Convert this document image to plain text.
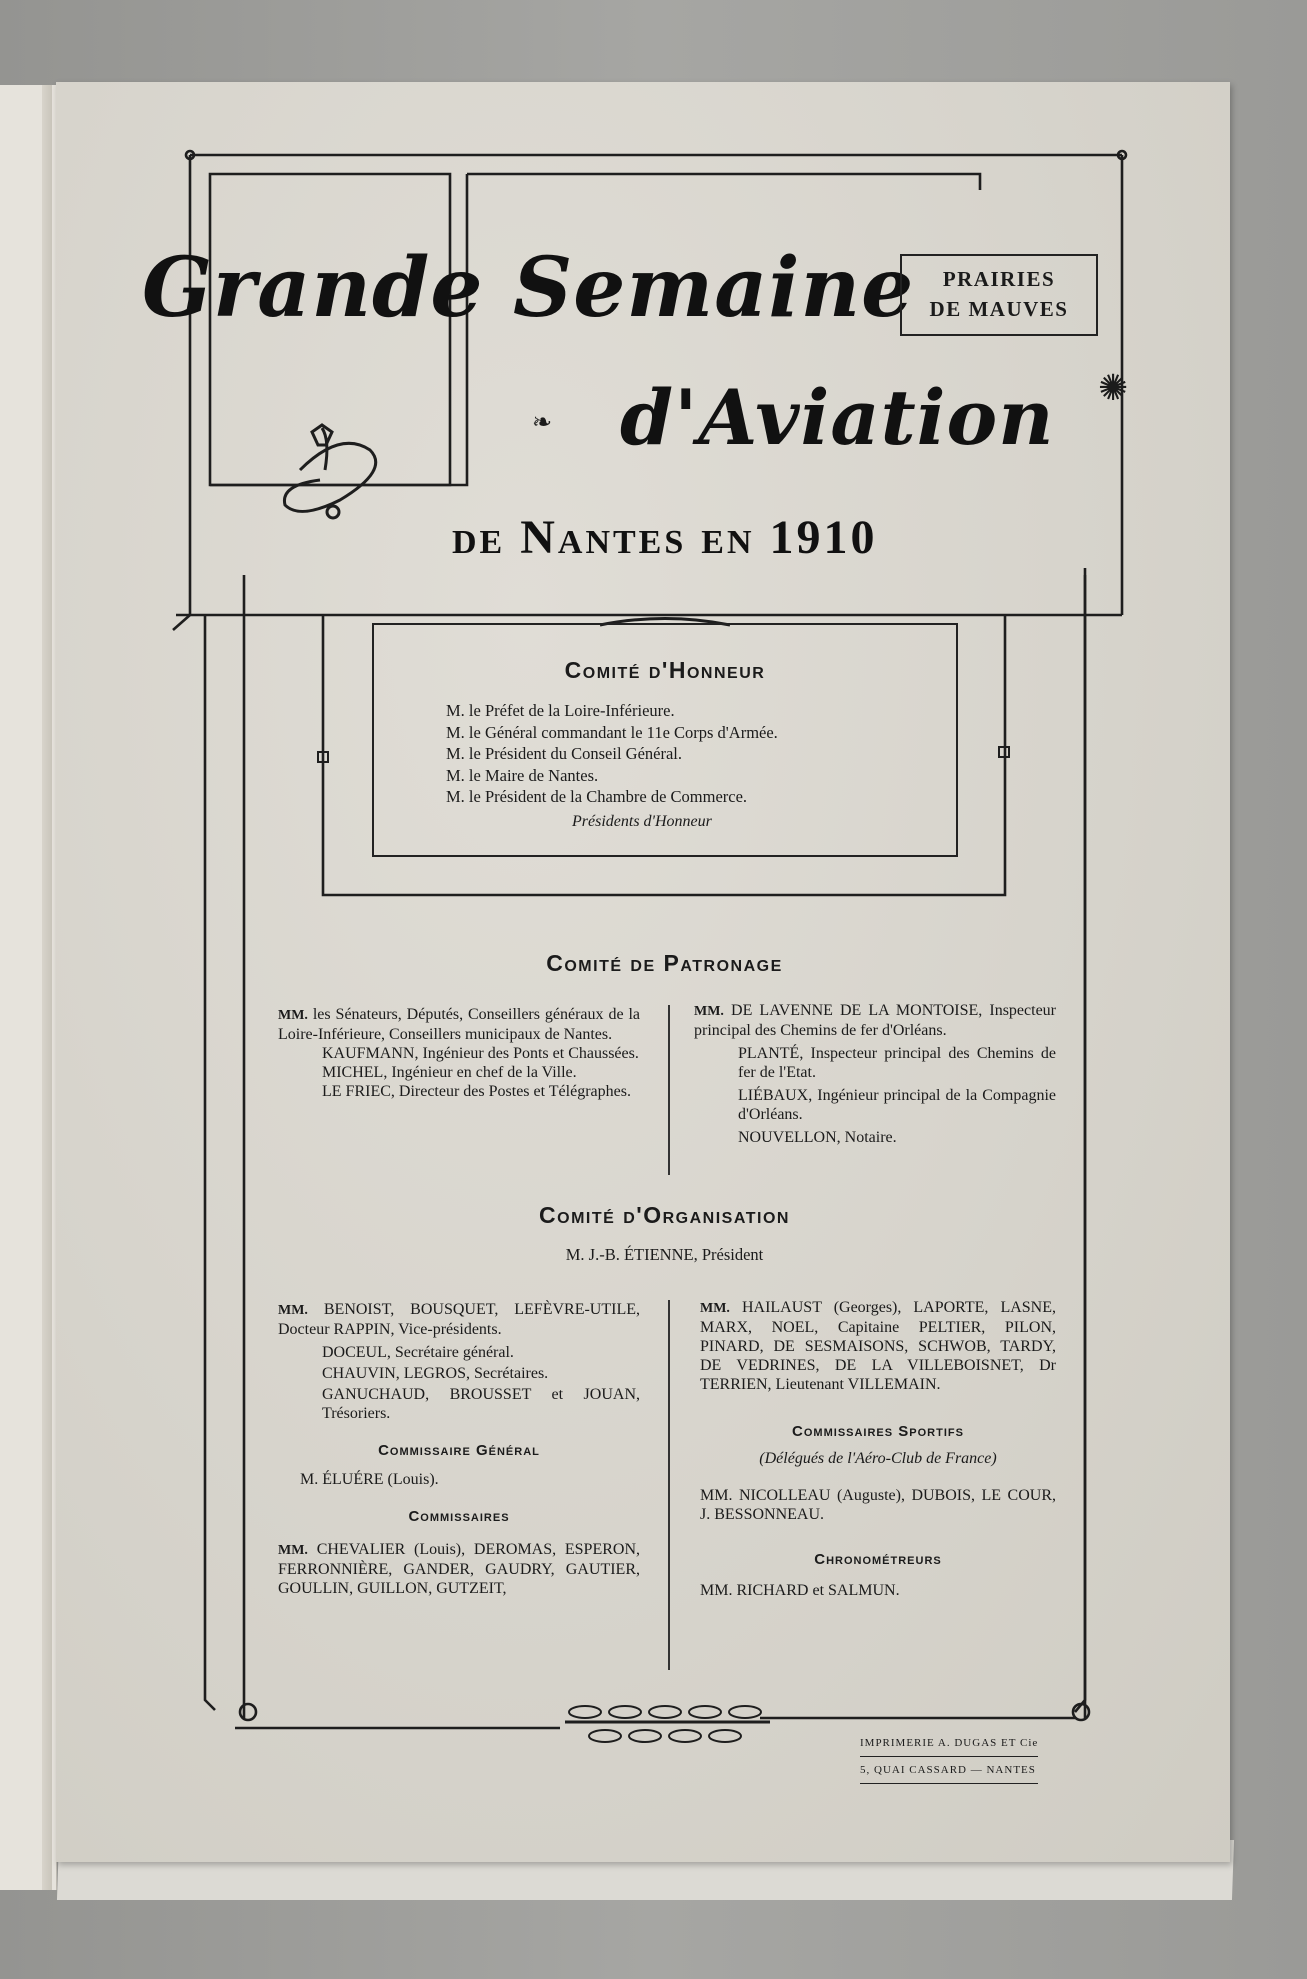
Grande Semaine
❧ d'Aviation
de Nantes en 1910
PRAIRIES
DE MAUVES
✺
Comité d'Honneur
M. le Préfet de la Loire-Inférieure.
M. le Général commandant le 11e Corps d'Armée.
M. le Président du Conseil Général.
M. le Maire de Nantes.
M. le Président de la Chambre de Commerce.
Présidents d'Honneur
Comité de Patronage

MM. les Sénateurs, Députés, Conseillers généraux de la Loire-Inférieure, Conseillers municipaux de Nantes.

KAUFMANN, Ingénieur des Ponts et Chaussées.

MICHEL, Ingénieur en chef de la Ville.

LE FRIEC, Directeur des Postes et Télégraphes.

MM. DE LAVENNE DE LA MONTOISE, Inspecteur principal des Chemins de fer d'Orléans.

PLANTÉ, Inspecteur principal des Chemins de fer de l'Etat.

LIÉBAUX, Ingénieur principal de la Compagnie d'Orléans.

NOUVELLON, Notaire.

Comité d'Organisation
M. J.-B. ÉTIENNE, Président

MM. BENOIST, BOUSQUET, LEFÈVRE-UTILE, Docteur RAPPIN, Vice-présidents.

DOCEUL, Secrétaire général.

CHAUVIN, LEGROS, Secrétaires.

GANUCHAUD, BROUSSET et JOUAN, Trésoriers.

Commissaire Général

M. ÉLUÉRE (Louis).

Commissaires

MM. CHEVALIER (Louis), DEROMAS, ESPERON, FERRONNIÈRE, GANDER, GAUDRY, GAUTIER, GOULLIN, GUILLON, GUTZEIT,

MM. HAILAUST (Georges), LAPORTE, LASNE, MARX, NOEL, Capitaine PELTIER, PILON, PINARD, DE SESMAISONS, SCHWOB, TARDY, DE VEDRINES, DE LA VILLEBOISNET, Dr TERRIEN, Lieutenant VILLEMAIN.

Commissaires Sportifs

(Délégués de l'Aéro-Club de France)

MM. NICOLLEAU (Auguste), DUBOIS, LE COUR, J. BESSONNEAU.

Chronométreurs

MM. RICHARD et SALMUN.

IMPRIMERIE A. DUGAS ET Cie
5, QUAI CASSARD — NANTES
